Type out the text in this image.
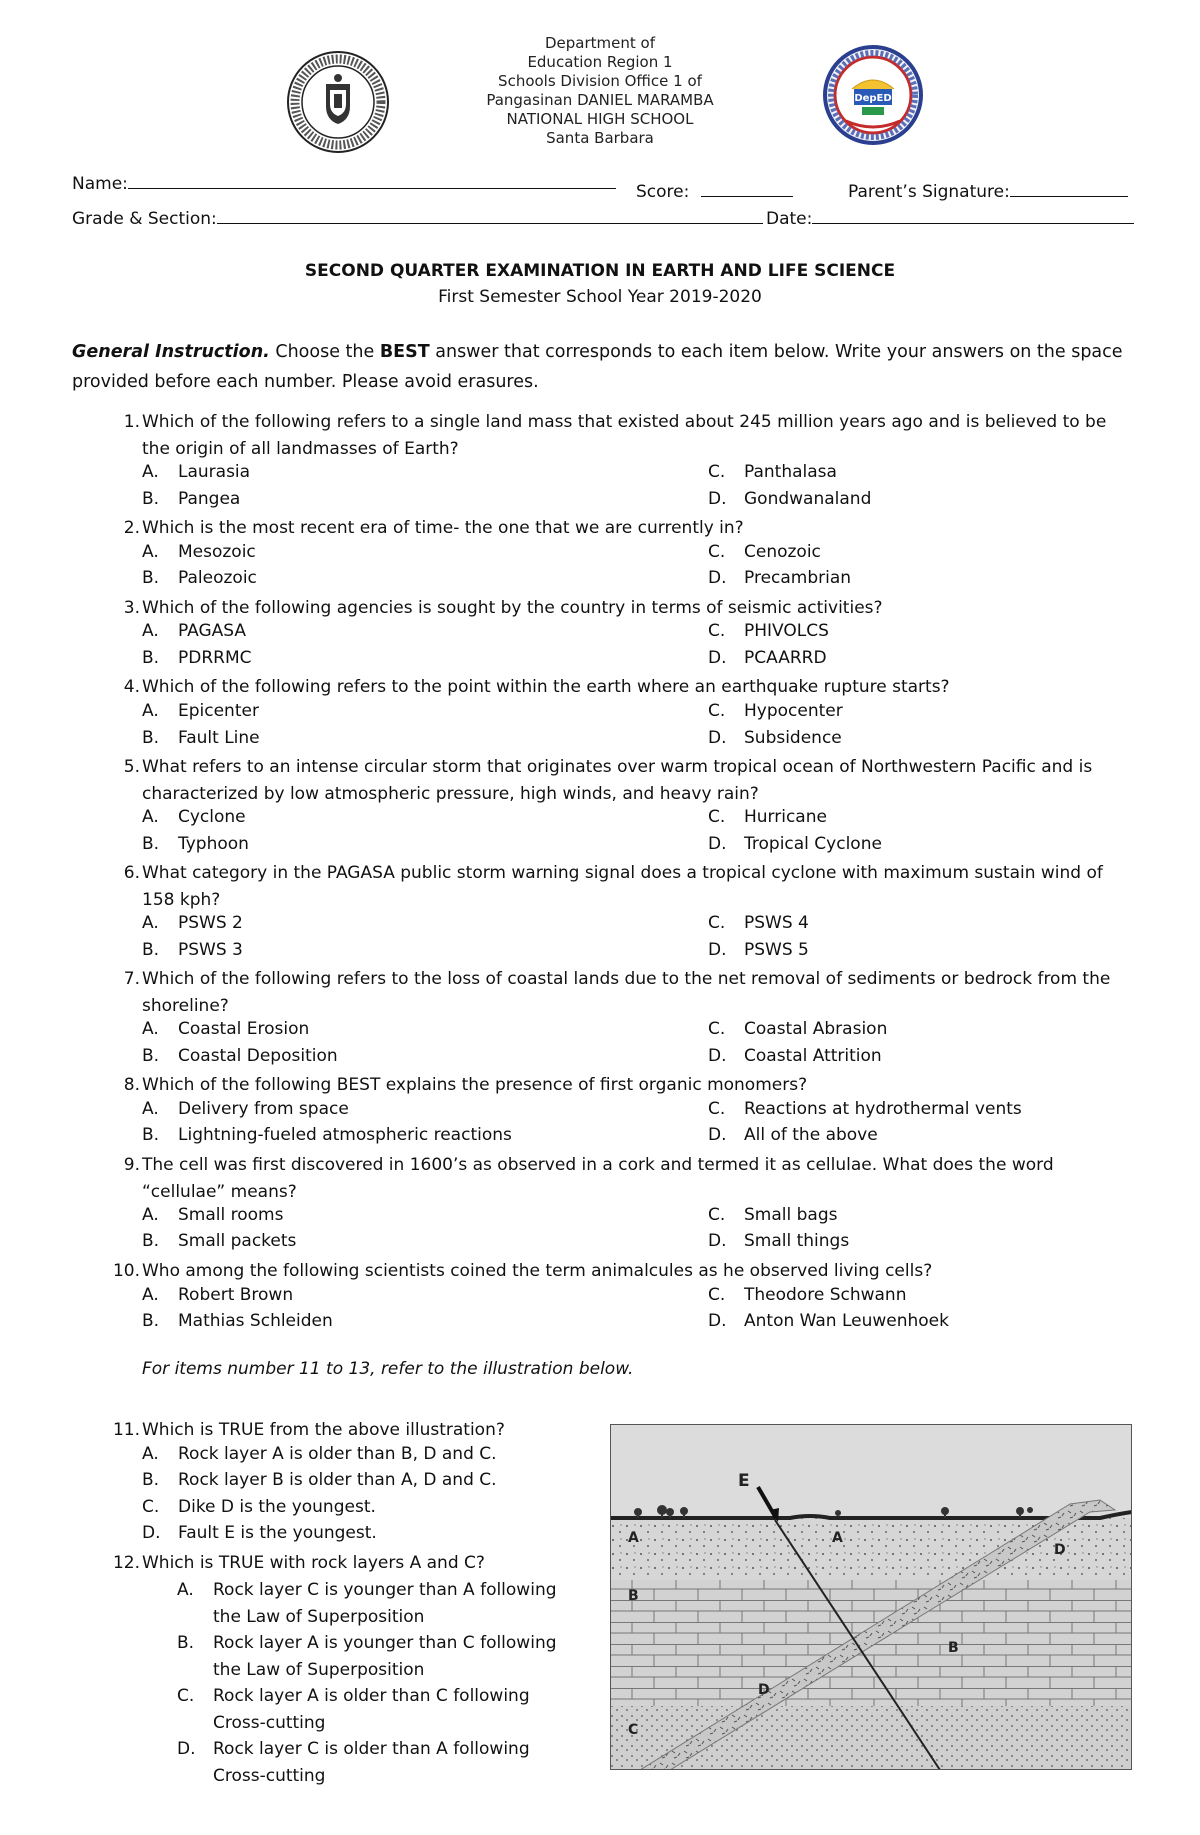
DepED
Department of
Education Region 1
Schools Division Office 1 of
Pangasinan DANIEL MARAMBA
NATIONAL HIGH SCHOOL
Santa Barbara
Name:	Score:	Parent’s Signature:
Grade & Section:	Date:
SECOND QUARTER EXAMINATION IN EARTH AND LIFE SCIENCE
First Semester School Year 2019-2020
General Instruction. Choose the BEST answer that corresponds to each item below. Write your answers on the space provided before each number. Please avoid erasures.
1. Which of the following refers to a single land mass that existed about 245 million years ago and is believed to be the origin of all landmasses of Earth?
A. Laurasia
B. Pangea
C. Panthalasa
D. Gondwanaland
2. Which is the most recent era of time- the one that we are currently in?
A. Mesozoic
B. Paleozoic
C. Cenozoic
D. Precambrian
3. Which of the following agencies is sought by the country in terms of seismic activities?
A. PAGASA
B. PDRRMC
C. PHIVOLCS
D. PCAARRD
4. Which of the following refers to the point within the earth where an earthquake rupture starts?
A. Epicenter
B. Fault Line
C. Hypocenter
D. Subsidence
5. What refers to an intense circular storm that originates over warm tropical ocean of Northwestern Pacific and is characterized by low atmospheric pressure, high winds, and heavy rain?
A. Cyclone
B. Typhoon
C. Hurricane
D. Tropical Cyclone
6. What category in the PAGASA public storm warning signal does a tropical cyclone with maximum sustain wind of 158 kph?
A. PSWS 2
B. PSWS 3
C. PSWS 4
D. PSWS 5
7. Which of the following refers to the loss of coastal lands due to the net removal of sediments or bedrock from the shoreline?
A. Coastal Erosion
B. Coastal Deposition
C. Coastal Abrasion
D. Coastal Attrition
8. Which of the following BEST explains the presence of first organic monomers?
A. Delivery from space
B. Lightning-fueled atmospheric reactions
C. Reactions at hydrothermal vents
D. All of the above
9. The cell was first discovered in 1600’s as observed in a cork and termed it as cellulae. What does the word “cellulae” means?
A. Small rooms
B. Small packets
C. Small bags
D. Small things
10. Who among the following scientists coined the term animalcules as he observed living cells?
A. Robert Brown
B. Mathias Schleiden
C. Theodore Schwann
D. Anton Wan Leuwenhoek
For items number 11 to 13, refer to the illustration below.
11. Which is TRUE from the above illustration?
A. Rock layer A is older than B, D and C.
B. Rock layer B is older than A, D and C.
C. Dike D is the youngest.
D. Fault E is the youngest.
12. Which is TRUE with rock layers A and C?
A. Rock layer C is younger than A following
the Law of Superposition
B. Rock layer A is younger than C following
the Law of Superposition
C. Rock layer A is older than C following
Cross-cutting
D. Rock layer C is older than A following
Cross-cutting
E
A	A
D
B
B
D
C
